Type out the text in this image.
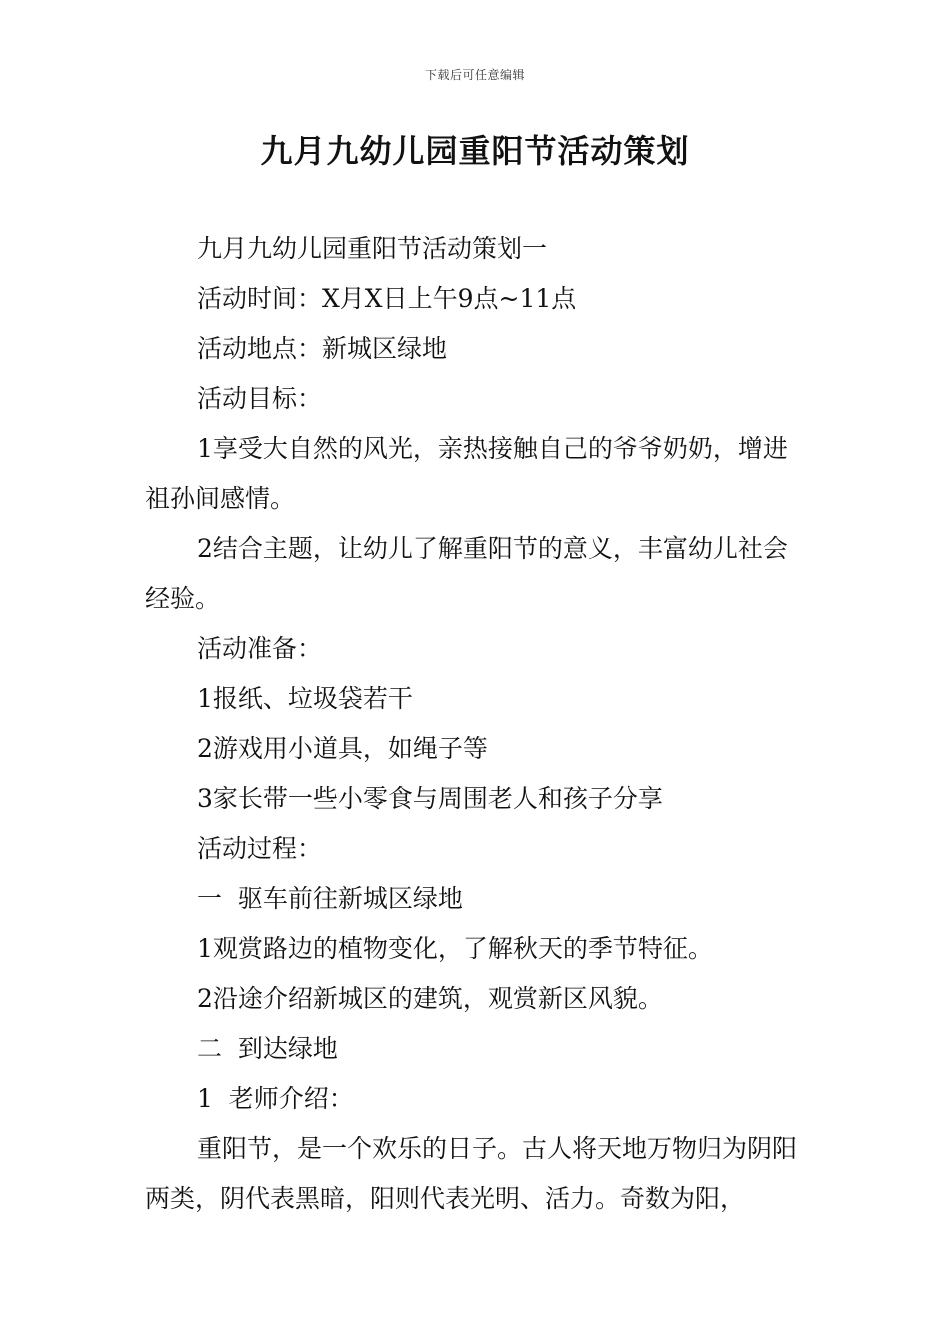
下载后可任意编辑
九月九幼儿园重阳节活动策划

九月九幼儿园重阳节活动策划一

活动时间：X月X日上午9点~11点

活动地点：新城区绿地

活动目标：

1享受大自然的风光，亲热接触自己的爷爷奶奶，增进祖孙间感情。

2结合主题，让幼儿了解重阳节的意义，丰富幼儿社会经验。

活动准备：

1报纸、垃圾袋若干

2游戏用小道具，如绳子等

3家长带一些小零食与周围老人和孩子分享

活动过程：

一  驱车前往新城区绿地

1观赏路边的植物变化，了解秋天的季节特征。

2沿途介绍新城区的建筑，观赏新区风貌。

二  到达绿地

1  老师介绍：

重阳节，是一个欢乐的日子。古人将天地万物归为阴阳两类，阴代表黑暗，阳则代表光明、活力。奇数为阳，
